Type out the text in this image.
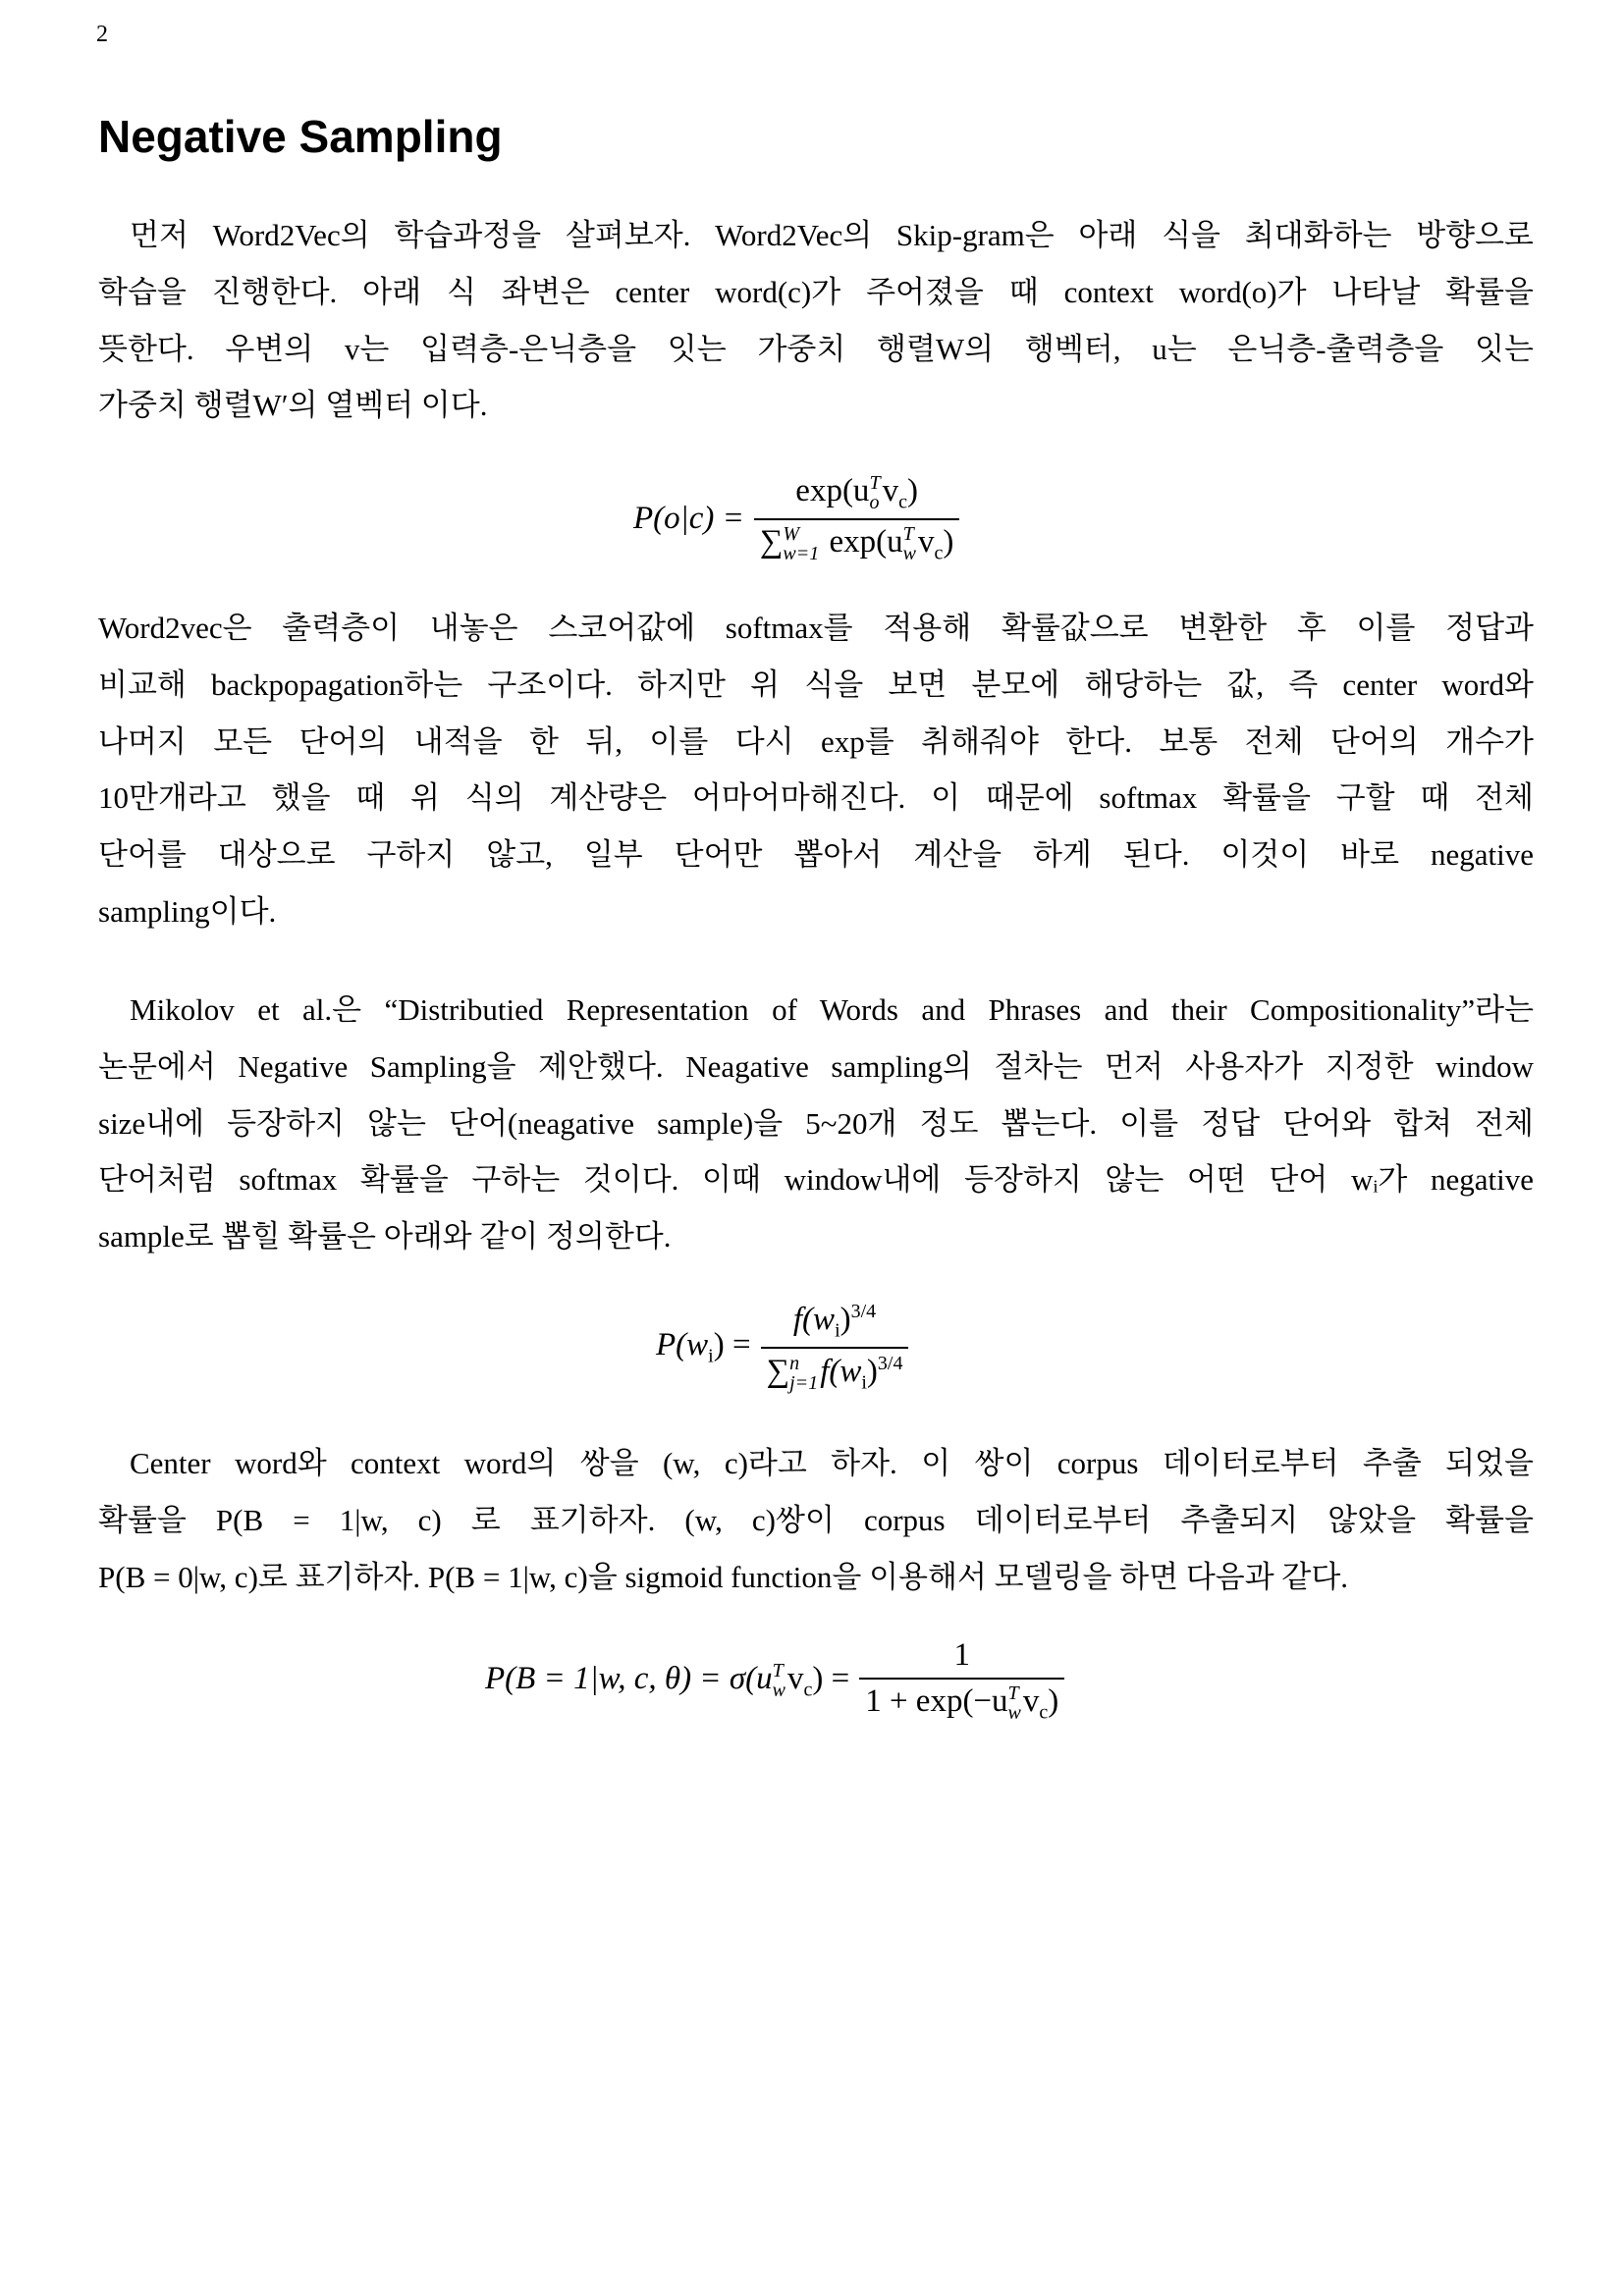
2
Negative Sampling
먼저 Word2Vec의 학습과정을 살펴보자. Word2Vec의 Skip-gram은 아래 식을 최대화하는 방향으로
학습을 진행한다. 아래 식 좌변은 center word(c)가 주어졌을 때 context word(o)가 나타날 확률을
뜻한다. 우변의 v는 입력층-은닉층을 잇는 가중치 행렬W의 행벡터, u는 은닉층-출력층을 잇는
가중치 행렬W′의 열벡터 이다.
P(o|c) = exp(u T
o $v_c$)
∑ W
w=1 exp(u T
w $v_c$)
Word2vec은 출력층이 내놓은 스코어값에 softmax를 적용해 확률값으로 변환한 후 이를 정답과
비교해 backpopagation하는 구조이다. 하지만 위 식을 보면 분모에 해당하는 값, 즉 center word와
나머지 모든 단어의 내적을 한 뒤, 이를 다시 exp를 취해줘야 한다. 보통 전체 단어의 개수가
10만개라고 했을 때 위 식의 계산량은 어마어마해진다. 이 때문에 softmax 확률을 구할 때 전체
단어를 대상으로 구하지 않고, 일부 단어만 뽑아서 계산을 하게 된다. 이것이 바로 negative
sampling이다.
Mikolov et al.은 “Distributied Representation of Words and Phrases and their Compositionality”라는
논문에서 Negative Sampling을 제안했다. Neagative sampling의 절차는 먼저 사용자가 지정한 window
size내에 등장하지 않는 단어(neagative sample)을 5~20개 정도 뽑는다. 이를 정답 단어와 합쳐 전체
단어처럼 softmax 확률을 구하는 것이다. 이때 window내에 등장하지 않는 어떤 단어 wᵢ가 negative
sample로 뽑힐 확률은 아래와 같이 정의한다.
$P(w_i) = f(w_i)^{3/4}$
∑ n
j=1 $f(w_i)^{3/4}$
Center word와 context word의 쌍을 (w, c)라고 하자. 이 쌍이 corpus 데이터로부터 추출 되었을
확률을 P(B = 1|w, c) 로 표기하자. (w, c)쌍이 corpus 데이터로부터 추출되지 않았을 확률을
P(B = 0|w, c)로 표기하자. P(B = 1|w, c)을 sigmoid function을 이용해서 모델링을 하면 다음과 같다.
P(B = 1|w, c, θ) = σ(u T
w $v_c) = 1$
1 + exp(−u T
w $v_c$)
